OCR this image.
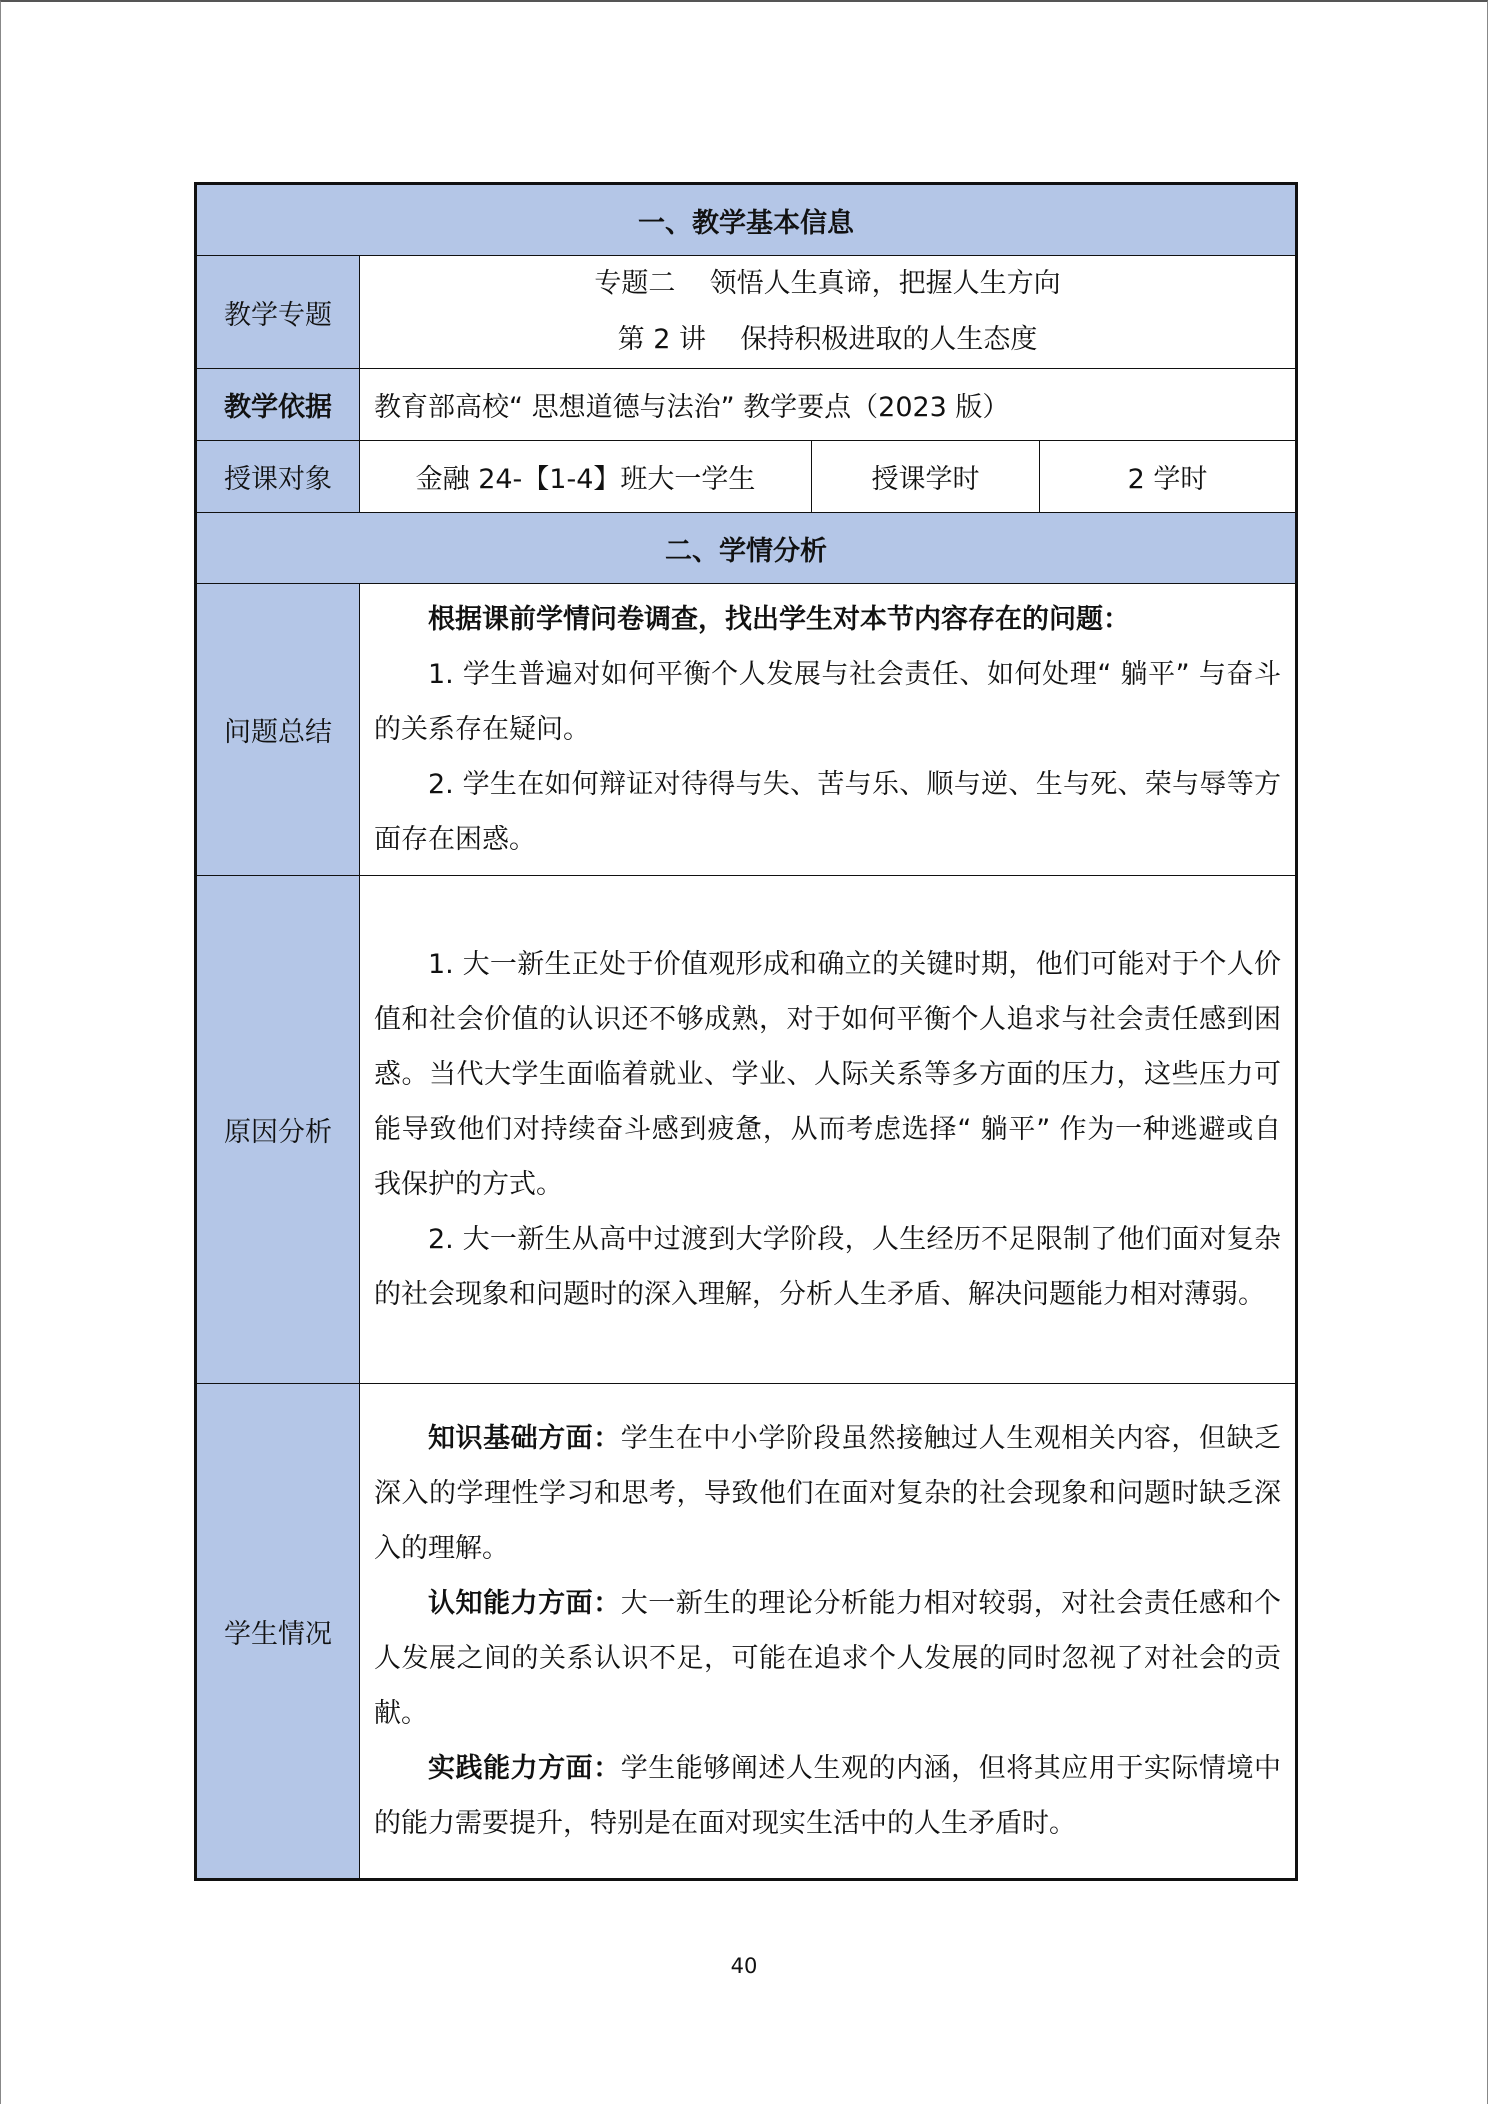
一、教学基本信息			
教学专题	专题二    领悟人生真谛，把握人生方向
第 2 讲    保持积极进取的人生态度		

教学依据	教育部高校“ 思想道德与法治” 教学要点（2023 版）		
授课对象	金融 24-【1-4】班大一学生	授课学时	2 学时
二、学情分析			
问题总结	根据课前学情问卷调查，找出学生对本节内容存在的问题：

1. 学生普遍对如何平衡个人发展与社会责任、如何处理“ 躺平” 与奋斗的关系存在疑问。

2. 学生在如何辩证对待得与失、苦与乐、顺与逆、生与死、荣与辱等方面存在困惑。		

原因分析	1. 大一新生正处于价值观形成和确立的关键时期，他们可能对于个人价值和社会价值的认识还不够成熟，对于如何平衡个人追求与社会责任感到困惑。当代大学生面临着就业、学业、人际关系等多方面的压力，这些压力可能导致他们对持续奋斗感到疲惫，从而考虑选择“ 躺平” 作为一种逃避或自我保护的方式。

2. 大一新生从高中过渡到大学阶段，人生经历不足限制了他们面对复杂的社会现象和问题时的深入理解，分析人生矛盾、解决问题能力相对薄弱。		

学生情况	知识基础方面：学生在中小学阶段虽然接触过人生观相关内容，但缺乏深入的学理性学习和思考，导致他们在面对复杂的社会现象和问题时缺乏深入的理解。

认知能力方面：大一新生的理论分析能力相对较弱，对社会责任感和个人发展之间的关系认识不足，可能在追求个人发展的同时忽视了对社会的贡献。

实践能力方面：学生能够阐述人生观的内涵，但将其应用于实际情境中的能力需要提升，特别是在面对现实生活中的人生矛盾时。		

40
